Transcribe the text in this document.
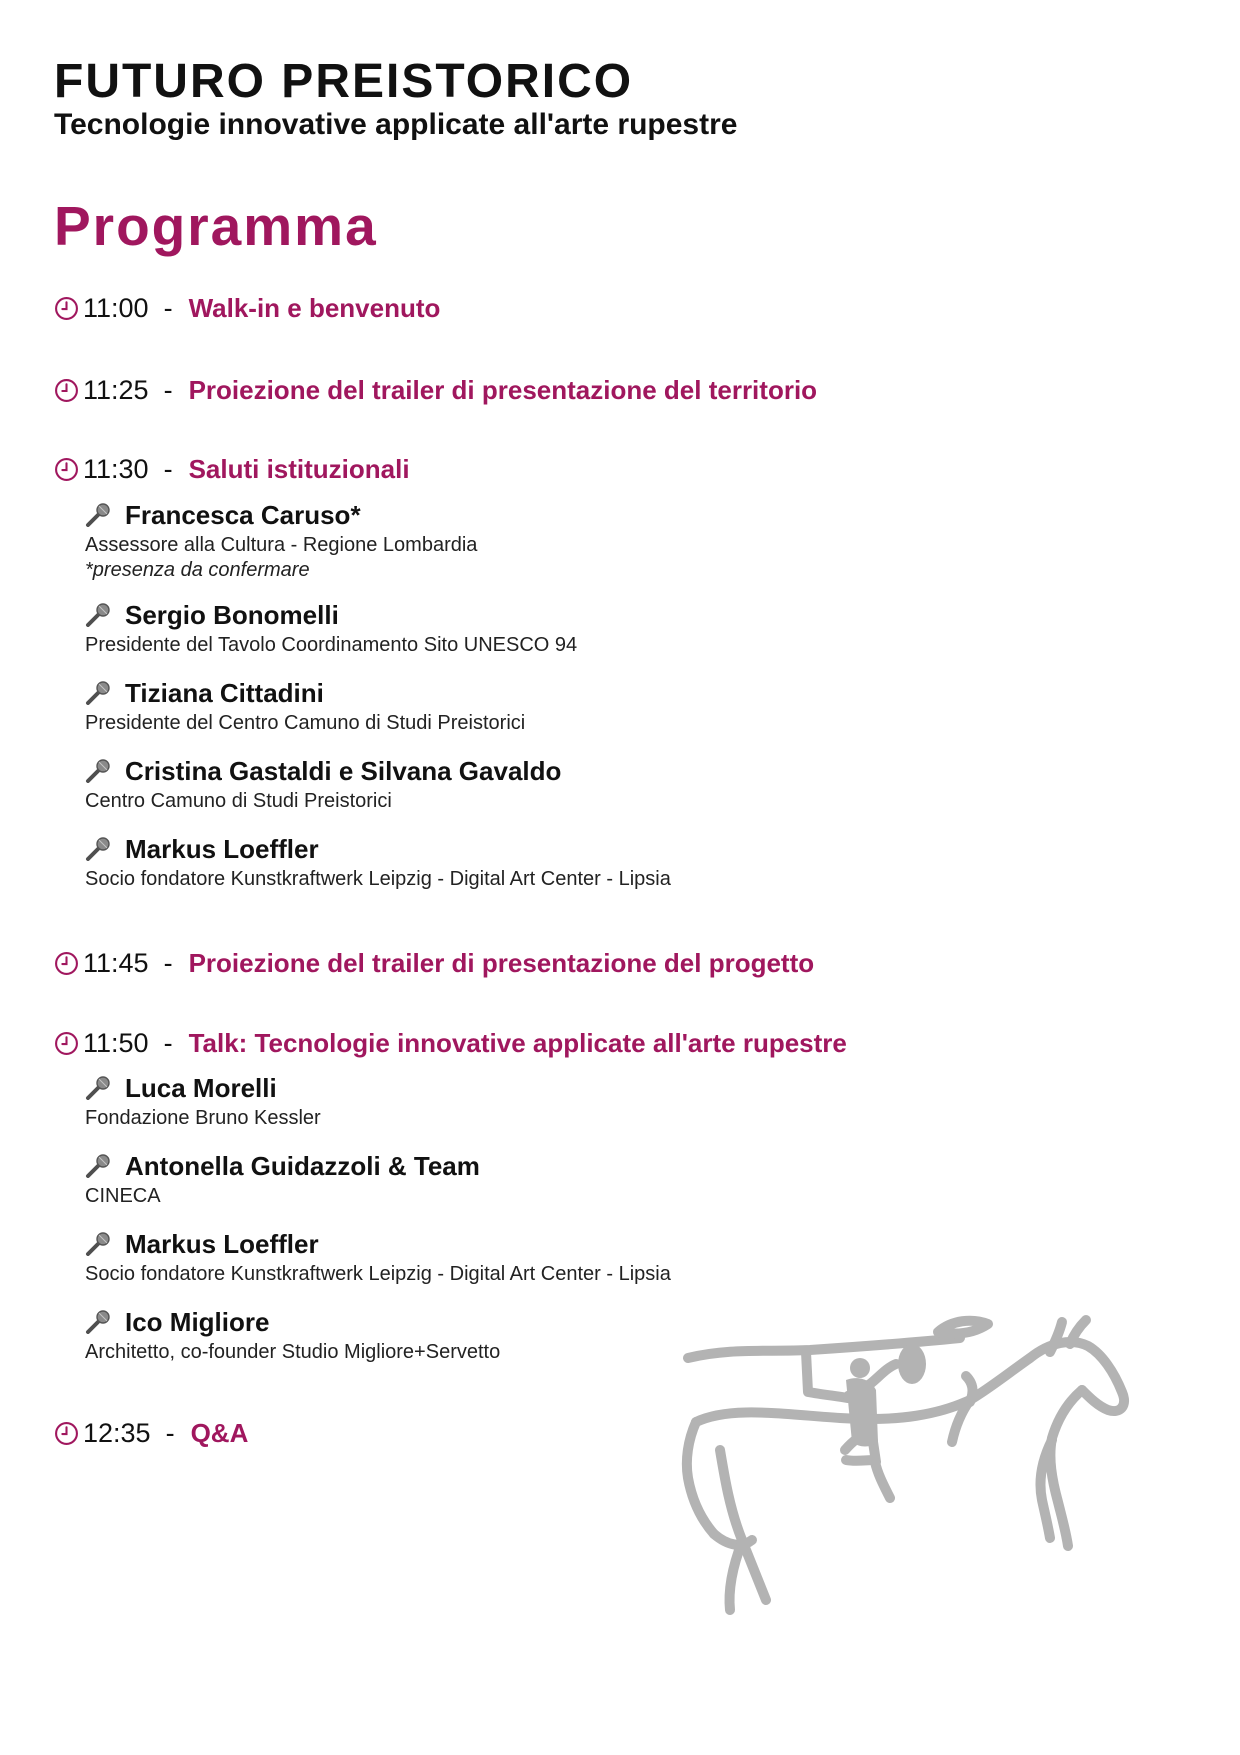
FUTURO PREISTORICO
Tecnologie innovative applicate all'arte rupestre
Programma
11:00 - Walk-in e benvenuto
11:25 - Proiezione del trailer di presentazione del territorio
11:30 - Saluti istituzionali
Francesca Caruso*
Assessore alla Cultura - Regione Lombardia
*presenza da confermare
Sergio Bonomelli
Presidente del Tavolo Coordinamento Sito UNESCO 94
Tiziana Cittadini
Presidente del Centro Camuno di Studi Preistorici
Cristina Gastaldi e Silvana Gavaldo
Centro Camuno di Studi Preistorici
Markus Loeffler
Socio fondatore Kunstkraftwerk Leipzig - Digital Art Center - Lipsia
11:45 - Proiezione del trailer di presentazione del progetto
11:50 - Talk: Tecnologie innovative applicate all'arte rupestre
Luca Morelli
Fondazione Bruno Kessler
Antonella Guidazzoli & Team
CINECA
Markus Loeffler
Socio fondatore Kunstkraftwerk Leipzig - Digital Art Center - Lipsia
Ico Migliore
Architetto, co-founder Studio Migliore+Servetto
12:35 - Q&A
